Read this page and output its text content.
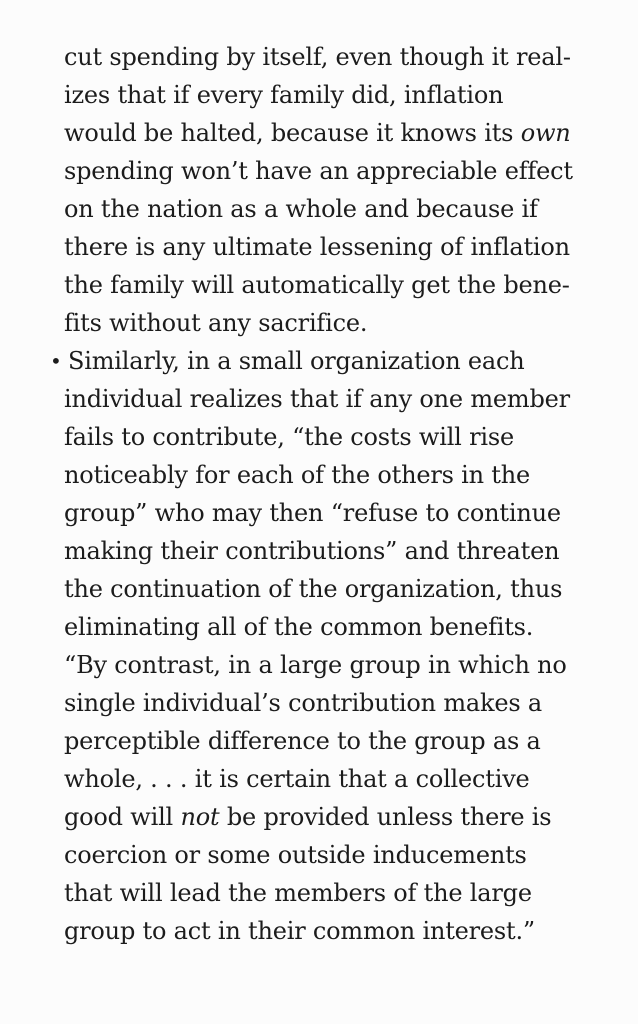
cut spending by itself, even though it real-
izes that if every family did, inflation
would be halted, because it knows its own
spending won’t have an appreciable effect
on the nation as a whole and because if
there is any ultimate lessening of inflation
the family will automatically get the bene-
fits without any sacrifice.
• Similarly, in a small organization each
individual realizes that if any one member
fails to contribute, “the costs will rise
noticeably for each of the others in the
group” who may then “refuse to continue
making their contributions” and threaten
the continuation of the organization, thus
eliminating all of the common benefits.
“By contrast, in a large group in which no
single individual’s contribution makes a
perceptible difference to the group as a
whole, . . . it is certain that a collective
good will not be provided unless there is
coercion or some outside inducements
that will lead the members of the large
group to act in their common interest.”
